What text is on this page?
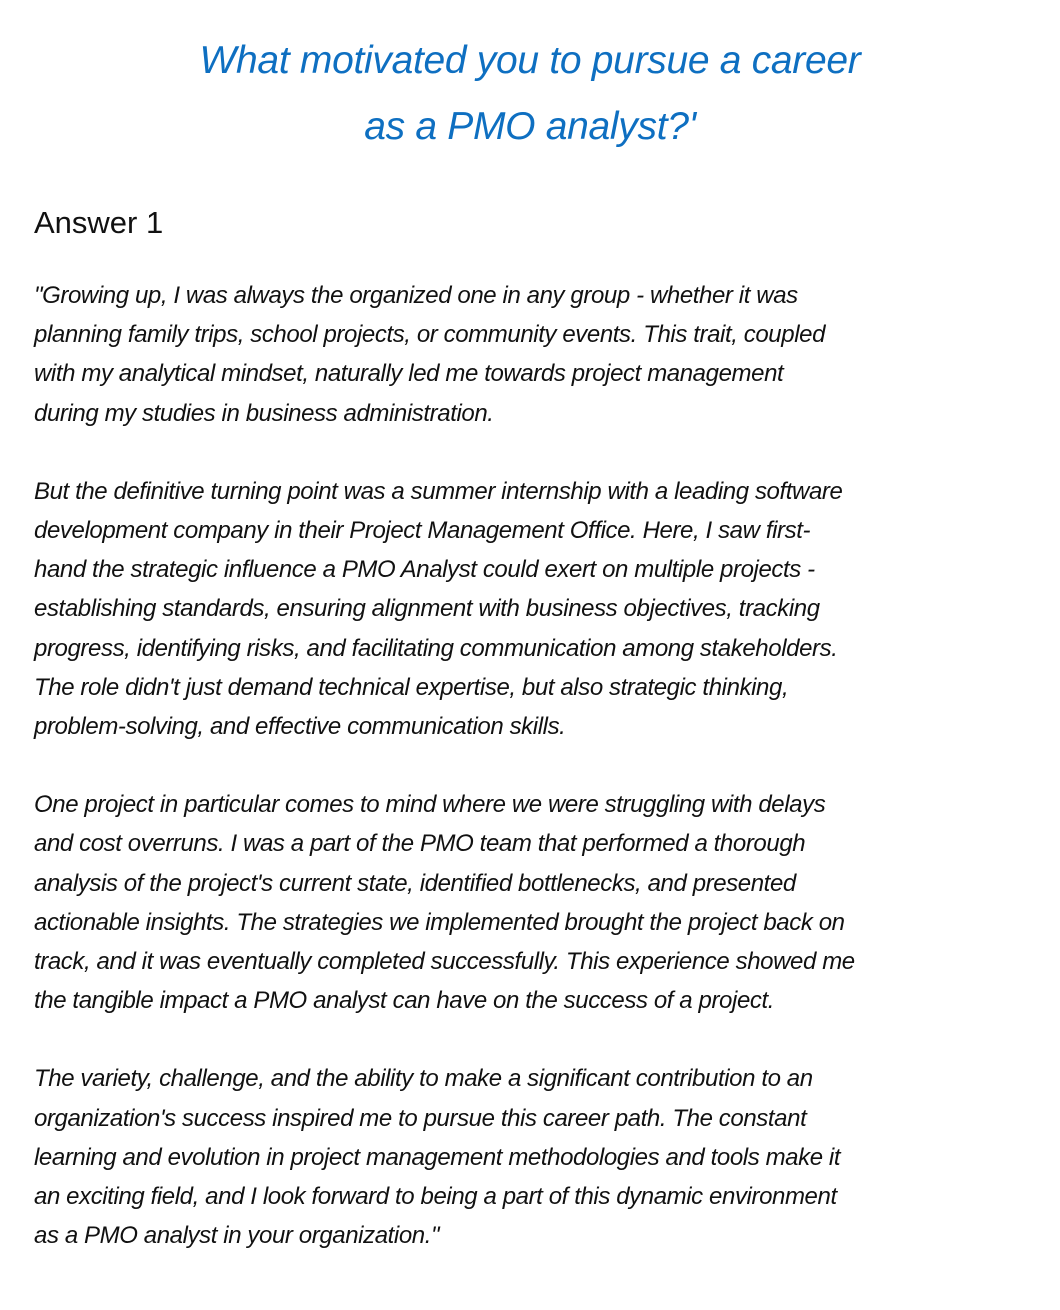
What motivated you to pursue a career
as a PMO analyst?'
Answer 1

"Growing up, I was always the organized one in any group - whether it was
planning family trips, school projects, or community events. This trait, coupled
with my analytical mindset, naturally led me towards project management
during my studies in business administration.

But the definitive turning point was a summer internship with a leading software
development company in their Project Management Office. Here, I saw first-
hand the strategic influence a PMO Analyst could exert on multiple projects -
establishing standards, ensuring alignment with business objectives, tracking
progress, identifying risks, and facilitating communication among stakeholders.
The role didn't just demand technical expertise, but also strategic thinking,
problem-solving, and effective communication skills.

One project in particular comes to mind where we were struggling with delays
and cost overruns. I was a part of the PMO team that performed a thorough
analysis of the project's current state, identified bottlenecks, and presented
actionable insights. The strategies we implemented brought the project back on
track, and it was eventually completed successfully. This experience showed me
the tangible impact a PMO analyst can have on the success of a project.

The variety, challenge, and the ability to make a significant contribution to an
organization's success inspired me to pursue this career path. The constant
learning and evolution in project management methodologies and tools make it
an exciting field, and I look forward to being a part of this dynamic environment
as a PMO analyst in your organization."
